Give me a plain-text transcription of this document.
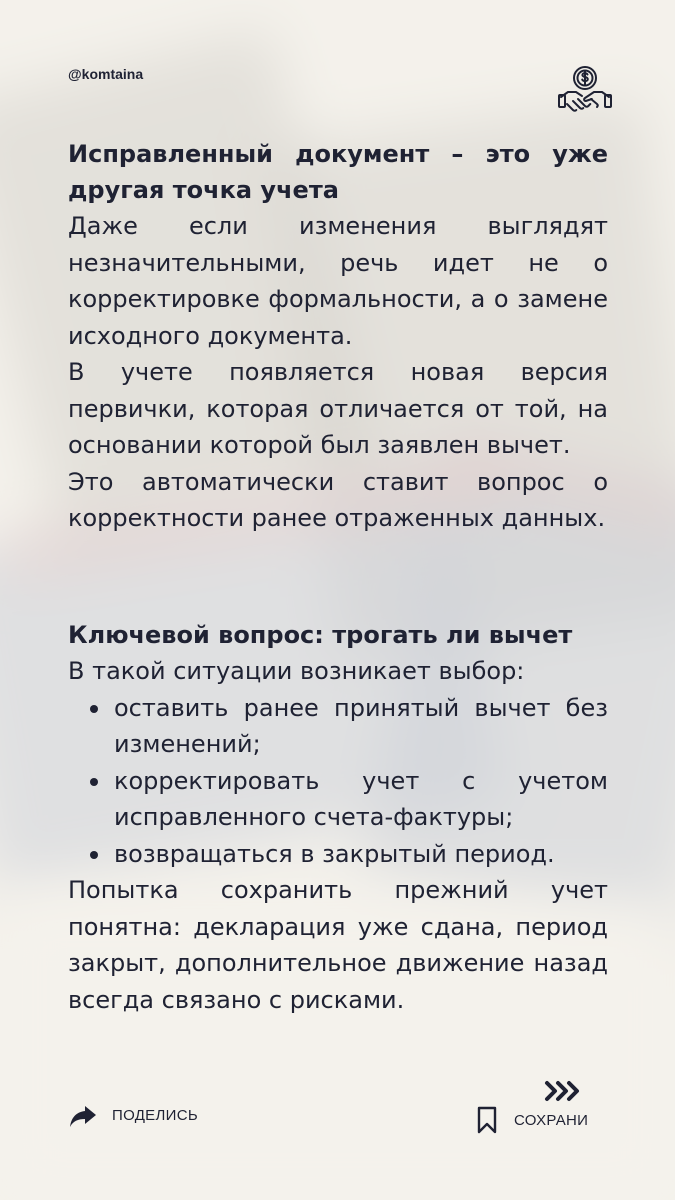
@komtaina
Исправленный документ – это уже другая точка учета

Даже если изменения выглядят незначительными, речь идет не о корректировке формальности, а о замене исходного документа.

В учете появляется новая версия первички, которая отличается от той, на основании которой был заявлен вычет.

Это автоматически ставит вопрос о корректности ранее отраженных данных.

Ключевой вопрос: трогать ли вычет

В такой ситуации возникает выбор:

оставить ранее принятый вычет без изменений;
корректировать учет с учетом исправленного счета-фактуры;
возвращаться в закрытый период.

Попытка сохранить прежний учет понятна: декларация уже сдана, период закрыт, дополнительное движение назад всегда связано с рисками.

ПОДЕЛИСЬ	СОХРАНИ
